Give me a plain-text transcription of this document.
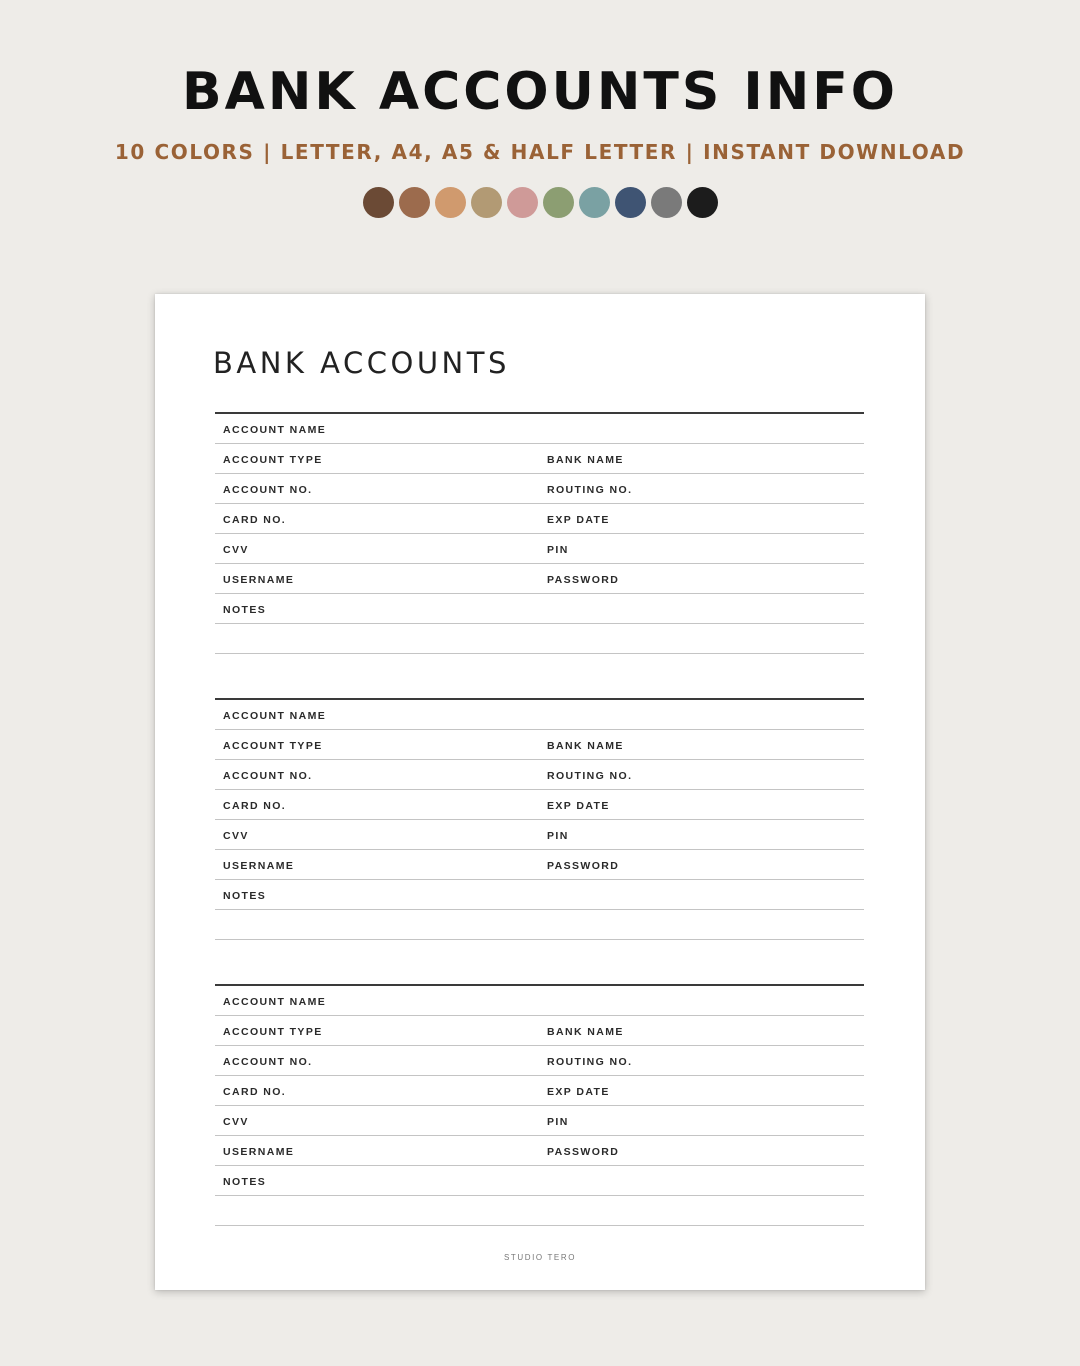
BANK ACCOUNTS INFO
10 COLORS | LETTER, A4, A5 & HALF LETTER | INSTANT DOWNLOAD
BANK ACCOUNTS
ACCOUNT NAME
ACCOUNT TYPE	BANK NAME
ACCOUNT NO.	ROUTING NO.
CARD NO.	EXP DATE
CVV	PIN
USERNAME	PASSWORD
NOTES
ACCOUNT NAME
ACCOUNT TYPE	BANK NAME
ACCOUNT NO.	ROUTING NO.
CARD NO.	EXP DATE
CVV	PIN
USERNAME	PASSWORD
NOTES
ACCOUNT NAME
ACCOUNT TYPE	BANK NAME
ACCOUNT NO.	ROUTING NO.
CARD NO.	EXP DATE
CVV	PIN
USERNAME	PASSWORD
NOTES
STUDIO TERO
